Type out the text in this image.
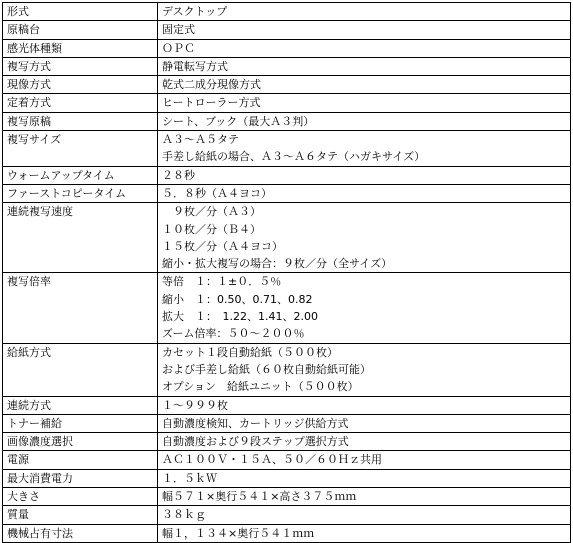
形式	デスクトップ

原稿台	固定式

感光体種類	ＯＰＣ

複写方式	静電転写方式

現像方式	乾式二成分現像方式

定着方式	ヒートローラー方式

複写原稿	シート、ブック（最大Ａ３判）

複写サイズ	Ａ３～Ａ５タテ
手差し給紙の場合、Ａ３～Ａ６タテ（ハガキサイズ）

ウォームアップタイム	２８秒

ファーストコピータイム	５．８秒（Ａ４ヨコ）

連続複写速度	　９枚／分（Ａ３）
１０枚／分（Ｂ４）
１５枚／分（Ａ４ヨコ）
縮小・拡大複写の場合：９枚／分（全サイズ）

複写倍率	等倍　１：１±０．５％
縮小　１：0.50、0.71、0.82
拡大　１：　1.22、1.41、2.00
ズーム倍率：５０～２００％

給紙方式	カセット１段自動給紙（５００枚）
および手差し給紙（６０枚自動給紙可能）
オプション　給紙ユニット（５００枚）

連続方式	１～９９９枚

トナー補給	自動濃度検知、カートリッジ供給方式

画像濃度選択	自動濃度および９段ステップ選択方式

電源	ＡＣ１００Ｖ・１５Ａ、５０／６０Ｈｚ共用

最大消費電力	１．５ｋＷ

大きさ	幅５７１×奥行５４１×高さ３７５ｍｍ

質量	３８ｋｇ

機械占有寸法	幅１，１３４×奥行５４１ｍｍ
